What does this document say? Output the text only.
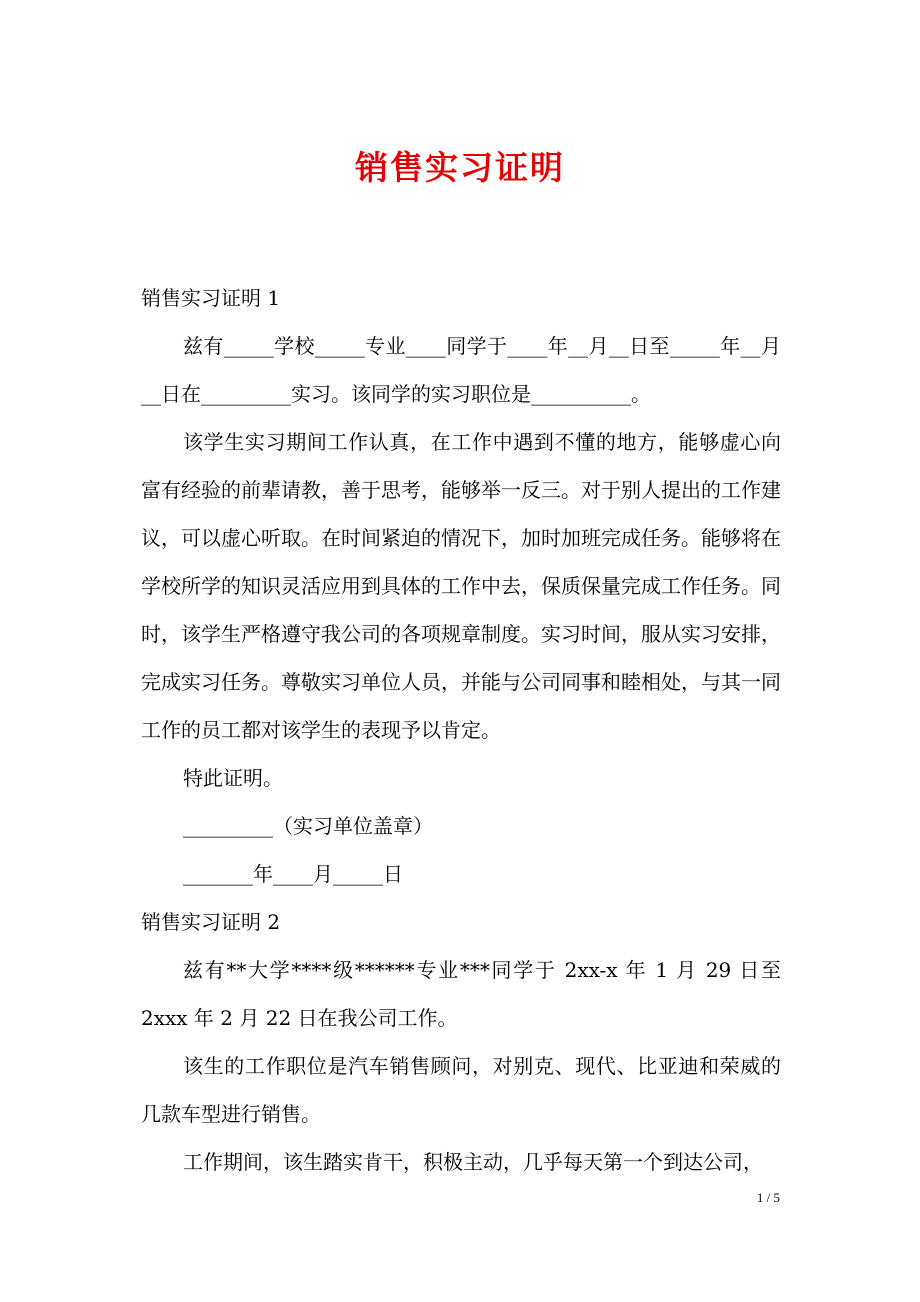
销售实习证明

销售实习证明 1

兹有_____学校_____专业____同学于____年__月__日至_____年__月__日在_________实习。该同学的实习职位是__________。

该学生实习期间工作认真，在工作中遇到不懂的地方，能够虚心向富有经验的前辈请教，善于思考，能够举一反三。对于别人提出的工作建议，可以虚心听取。在时间紧迫的情况下，加时加班完成任务。能够将在学校所学的知识灵活应用到具体的工作中去，保质保量完成工作任务。同时，该学生严格遵守我公司的各项规章制度。实习时间，服从实习安排，完成实习任务。尊敬实习单位人员，并能与公司同事和睦相处，与其一同工作的员工都对该学生的表现予以肯定。

特此证明。

_________（实习单位盖章）

_______年____月_____日

销售实习证明 2

兹有**大学****级******专业***同学于 2xx-x 年 1 月 29 日至 2xxx 年 2 月 22 日在我公司工作。

该生的工作职位是汽车销售顾问，对别克、现代、比亚迪和荣威的几款车型进行销售。

工作期间，该生踏实肯干，积极主动，几乎每天第一个到达公司，

1 / 5
